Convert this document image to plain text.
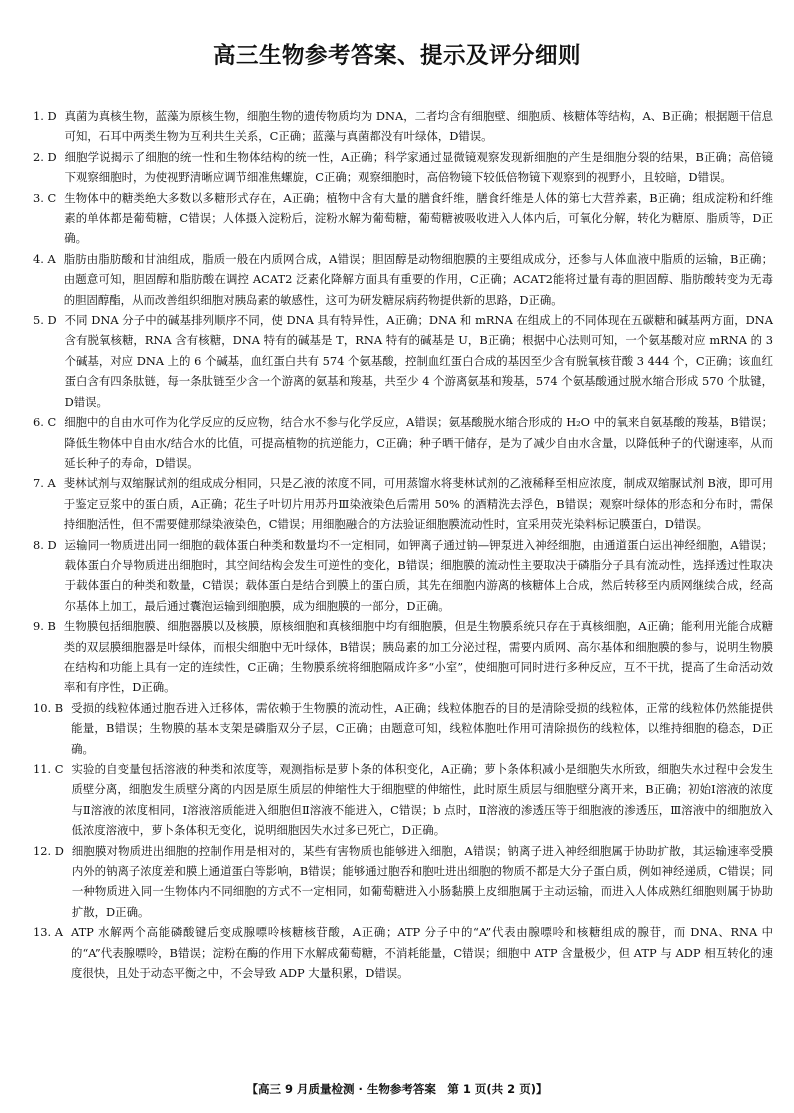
高三生物参考答案、提示及评分细则
1. D 真菌为真核生物，蓝藻为原核生物，细胞生物的遗传物质均为 DNA，二者均含有细胞壁、细胞质、核糖体等结构，A、B正确；根据题干信息可知，石耳中两类生物为互利共生关系，C正确；蓝藻与真菌都没有叶绿体，D错误。
2. D 细胞学说揭示了细胞的统一性和生物体结构的统一性，A正确；科学家通过显微镜观察发现新细胞的产生是细胞分裂的结果，B正确；高倍镜下观察细胞时，为使视野清晰应调节细准焦螺旋，C正确；观察细胞时，高倍物镜下较低倍物镜下观察到的视野小，且较暗，D错误。
3. C 生物体中的糖类绝大多数以多糖形式存在，A正确；植物中含有大量的膳食纤维，膳食纤维是人体的第七大营养素，B正确；组成淀粉和纤维素的单体都是葡萄糖，C错误；人体摄入淀粉后，淀粉水解为葡萄糖，葡萄糖被吸收进入人体内后，可氧化分解，转化为糖原、脂质等，D正确。
4. A 脂肪由脂肪酸和甘油组成，脂质一般在内质网合成，A错误；胆固醇是动物细胞膜的主要组成成分，还参与人体血液中脂质的运输，B正确；由题意可知，胆固醇和脂肪酸在调控 ACAT2 泛素化降解方面具有重要的作用，C正确；ACAT2能将过量有毒的胆固醇、脂肪酸转变为无毒的胆固醇酯，从而改善组织细胞对胰岛素的敏感性，这可为研发糖尿病药物提供新的思路，D正确。
5. D 不同 DNA 分子中的碱基排列顺序不同，使 DNA 具有特异性，A正确；DNA 和 mRNA 在组成上的不同体现在五碳糖和碱基两方面，DNA 含有脱氧核糖，RNA 含有核糖，DNA 特有的碱基是 T，RNA 特有的碱基是 U，B正确；根据中心法则可知，一个氨基酸对应 mRNA 的 3 个碱基，对应 DNA 上的 6 个碱基，血红蛋白共有 574 个氨基酸，控制血红蛋白合成的基因至少含有脱氧核苷酸 3 444 个，C正确；该血红蛋白含有四条肽链，每一条肽链至少含一个游离的氨基和羧基，共至少 4 个游离氨基和羧基，574 个氨基酸通过脱水缩合形成 570 个肽键，D错误。
6. C 细胞中的自由水可作为化学反应的反应物，结合水不参与化学反应，A错误；氨基酸脱水缩合形成的 H₂O 中的氧来自氨基酸的羧基，B错误；降低生物体中自由水/结合水的比值，可提高植物的抗逆能力，C正确；种子晒干储存，是为了减少自由水含量，以降低种子的代谢速率，从而延长种子的寿命，D错误。
7. A 斐林试剂与双缩脲试剂的组成成分相同，只是乙液的浓度不同，可用蒸馏水将斐林试剂的乙液稀释至相应浓度，制成双缩脲试剂 B液，即可用于鉴定豆浆中的蛋白质，A正确；花生子叶切片用苏丹Ⅲ染液染色后需用 50% 的酒精洗去浮色，B错误；观察叶绿体的形态和分布时，需保持细胞活性，但不需要健那绿染液染色，C错误；用细胞融合的方法验证细胞膜流动性时，宜采用荧光染料标记膜蛋白，D错误。
8. D 运输同一物质进出同一细胞的载体蛋白种类和数量均不一定相同，如钾离子通过钠—钾泵进入神经细胞，由通道蛋白运出神经细胞，A错误；载体蛋白介导物质进出细胞时，其空间结构会发生可逆性的变化，B错误；细胞膜的流动性主要取决于磷脂分子具有流动性，选择透过性取决于载体蛋白的种类和数量，C错误；载体蛋白是结合到膜上的蛋白质，其先在细胞内游离的核糖体上合成，然后转移至内质网继续合成，经高尔基体上加工，最后通过囊泡运输到细胞膜，成为细胞膜的一部分，D正确。
9. B 生物膜包括细胞膜、细胞器膜以及核膜，原核细胞和真核细胞中均有细胞膜，但是生物膜系统只存在于真核细胞，A正确；能利用光能合成糖类的双层膜细胞器是叶绿体，而根尖细胞中无叶绿体，B错误；胰岛素的加工分泌过程，需要内质网、高尔基体和细胞膜的参与，说明生物膜在结构和功能上具有一定的连续性，C正确；生物膜系统将细胞隔成许多“小室”，使细胞可同时进行多种反应，互不干扰，提高了生命活动效率和有序性，D正确。
10. B 受损的线粒体通过胞吞进入迁移体，需依赖于生物膜的流动性，A正确；线粒体胞吞的目的是清除受损的线粒体，正常的线粒体仍然能提供能量，B错误；生物膜的基本支架是磷脂双分子层，C正确；由题意可知，线粒体胞吐作用可清除损伤的线粒体，以维持细胞的稳态，D正确。
11. C 实验的自变量包括溶液的种类和浓度等，观测指标是萝卜条的体积变化，A正确；萝卜条体积减小是细胞失水所致，细胞失水过程中会发生质壁分离，细胞发生质壁分离的内因是原生质层的伸缩性大于细胞壁的伸缩性，此时原生质层与细胞壁分离开来，B正确；初始Ⅰ溶液的浓度与Ⅱ溶液的浓度相同，Ⅰ溶液溶质能进入细胞但Ⅱ溶液不能进入，C错误；b 点时，Ⅱ溶液的渗透压等于细胞液的渗透压，Ⅲ溶液中的细胞放入低浓度溶液中，萝卜条体积无变化，说明细胞因失水过多已死亡，D正确。
12. D 细胞膜对物质进出细胞的控制作用是相对的，某些有害物质也能够进入细胞，A错误；钠离子进入神经细胞属于协助扩散，其运输速率受膜内外的钠离子浓度差和膜上通道蛋白等影响，B错误；能够通过胞吞和胞吐进出细胞的物质不都是大分子蛋白质，例如神经递质，C错误；同一种物质进入同一生物体内不同细胞的方式不一定相同，如葡萄糖进入小肠黏膜上皮细胞属于主动运输，而进入人体成熟红细胞则属于协助扩散，D正确。
13. A ATP 水解两个高能磷酸键后变成腺嘌呤核糖核苷酸，A正确；ATP 分子中的“A”代表由腺嘌呤和核糖组成的腺苷，而 DNA、RNA 中的“A”代表腺嘌呤，B错误；淀粉在酶的作用下水解成葡萄糖，不消耗能量，C错误；细胞中 ATP 含量极少，但 ATP 与 ADP 相互转化的速度很快，且处于动态平衡之中，不会导致 ADP 大量积累，D错误。
【高三 9 月质量检测 · 生物参考答案　第 1 页(共 2 页)】
